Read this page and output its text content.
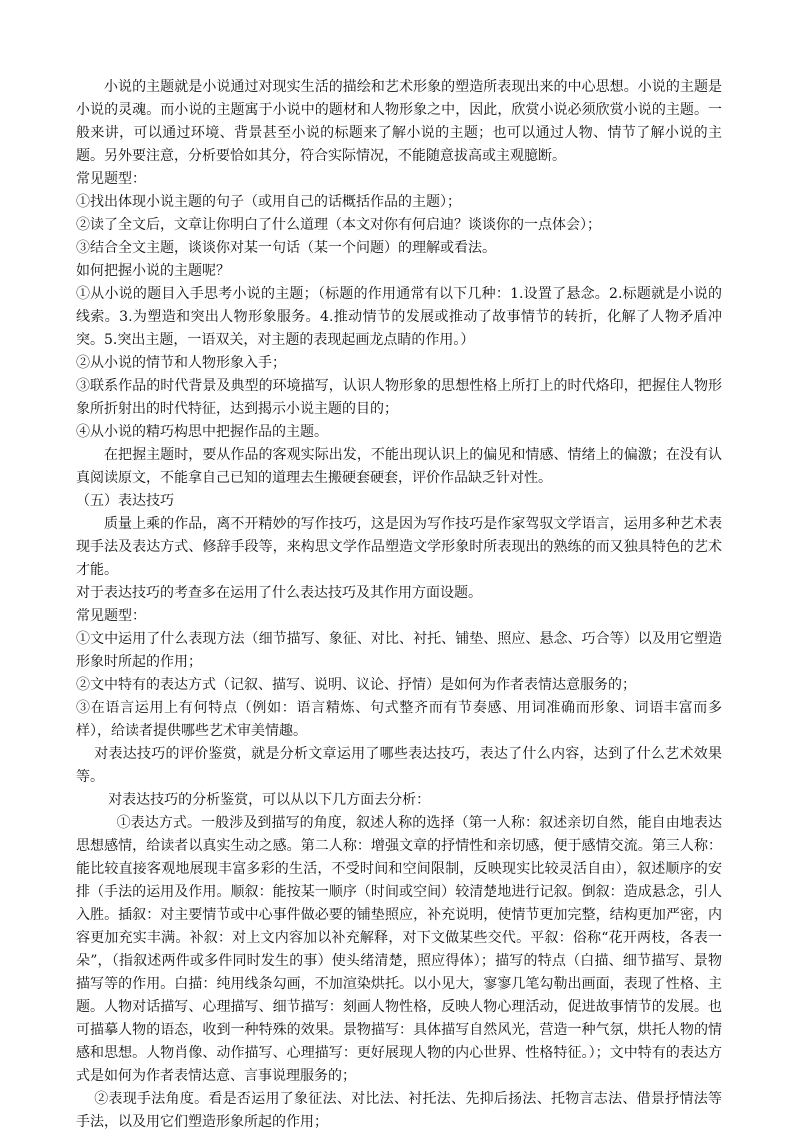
小说的主题就是小说通过对现实生活的描绘和艺术形象的塑造所表现出来的中心思想。小说的主题是小说的灵魂。而小说的主题寓于小说中的题材和人物形象之中，因此，欣赏小说必须欣赏小说的主题。一般来讲，可以通过环境、背景甚至小说的标题来了解小说的主题；也可以通过人物、情节了解小说的主题。另外要注意，分析要恰如其分，符合实际情况，不能随意拔高或主观臆断。

常见题型：

①找出体现小说主题的句子（或用自己的话概括作品的主题）；

②读了全文后，文章让你明白了什么道理（本文对你有何启迪？谈谈你的一点体会）；

③结合全文主题，谈谈你对某一句话（某一个问题）的理解或看法。

如何把握小说的主题呢？

①从小说的题目入手思考小说的主题；（标题的作用通常有以下几种：1.设置了悬念。2.标题就是小说的线索。3.为塑造和突出人物形象服务。4.推动情节的发展或推动了故事情节的转折，化解了人物矛盾冲突。5.突出主题，一语双关，对主题的表现起画龙点睛的作用。）

②从小说的情节和人物形象入手；

③联系作品的时代背景及典型的环境描写，认识人物形象的思想性格上所打上的时代烙印，把握住人物形象所折射出的时代特征，达到揭示小说主题的目的；

④从小说的精巧构思中把握作品的主题。

在把握主题时，要从作品的客观实际出发，不能出现认识上的偏见和情感、情绪上的偏激；在没有认真阅读原文，不能拿自己已知的道理去生搬硬套硬套，评价作品缺乏针对性。

（五）表达技巧

质量上乘的作品，离不开精妙的写作技巧，这是因为写作技巧是作家驾驭文学语言，运用多种艺术表现手法及表达方式、修辞手段等，来构思文学作品塑造文学形象时所表现出的熟练的而又独具特色的艺术才能。

对于表达技巧的考查多在运用了什么表达技巧及其作用方面设题。

常见题型：

①文中运用了什么表现方法（细节描写、象征、对比、衬托、铺垫、照应、悬念、巧合等）以及用它塑造形象时所起的作用；

②文中特有的表达方式（记叙、描写、说明、议论、抒情）是如何为作者表情达意服务的；

③在语言运用上有何特点（例如：语言精炼、句式整齐而有节奏感、用词准确而形象、词语丰富而多样），给读者提供哪些艺术审美情趣。

对表达技巧的评价鉴赏，就是分析文章运用了哪些表达技巧，表达了什么内容，达到了什么艺术效果等。

对表达技巧的分析鉴赏，可以从以下几方面去分析：

①表达方式。一般涉及到描写的角度，叙述人称的选择（第一人称：叙述亲切自然，能自由地表达思想感情，给读者以真实生动之感。第二人称：增强文章的抒情性和亲切感，便于感情交流。第三人称：能比较直接客观地展现丰富多彩的生活，不受时间和空间限制，反映现实比较灵活自由），叙述顺序的安排（手法的运用及作用。顺叙：能按某一顺序（时间或空间）较清楚地进行记叙。倒叙：造成悬念，引人入胜。插叙：对主要情节或中心事件做必要的铺垫照应，补充说明，使情节更加完整，结构更加严密，内容更加充实丰满。补叙：对上文内容加以补充解释，对下文做某些交代。平叙：俗称“花开两枝，各表一朵”，（指叙述两件或多件同时发生的事）使头绪清楚，照应得体）；描写的特点（白描、细节描写、景物描写等的作用。白描：纯用线条勾画，不加渲染烘托。以小见大，寥寥几笔勾勒出画面，表现了性格、主题。人物对话描写、心理描写、细节描写：刻画人物性格，反映人物心理活动，促进故事情节的发展。也可描摹人物的语态，收到一种特殊的效果。景物描写：具体描写自然风光，营造一种气氛，烘托人物的情感和思想。人物肖像、动作描写、心理描写：更好展现人物的内心世界、性格特征。）；文中特有的表达方式是如何为作者表情达意、言事说理服务的；

②表现手法角度。看是否运用了象征法、对比法、衬托法、先抑后扬法、托物言志法、借景抒情法等手法，以及用它们塑造形象所起的作用；
